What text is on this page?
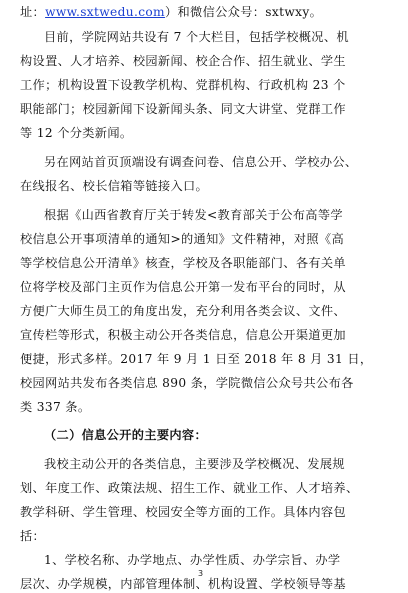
址：www.sxtwedu.com）和微信公众号：sxtwxy。
目前，学院网站共设有 7 个大栏目，包括学校概况、机
构设置、人才培养、校园新闻、校企合作、招生就业、学生
工作；机构设置下设教学机构、党群机构、行政机构 23 个
职能部门；校园新闻下设新闻头条、同文大讲堂、党群工作
等 12 个分类新闻。
另在网站首页顶端设有调查问卷、信息公开、学校办公、
在线报名、校长信箱等链接入口。
根据《山西省教育厅关于转发<教育部关于公布高等学
校信息公开事项清单的通知>的通知》文件精神，对照《高
等学校信息公开清单》核查，学校及各职能部门、各有关单
位将学校及部门主页作为信息公开第一发布平台的同时，从
方便广大师生员工的角度出发，充分利用各类会议、文件、
宣传栏等形式，积极主动公开各类信息，信息公开渠道更加
便捷，形式多样。2017 年 9 月 1 日至 2018 年 8 月 31 日，
校园网站共发布各类信息 890 条，学院微信公众号共公布各
类 337 条。
（二）信息公开的主要内容：
我校主动公开的各类信息，主要涉及学校概况、发展规
划、年度工作、政策法规、招生工作、就业工作、人才培养、
教学科研、学生管理、校园安全等方面的工作。具体内容包
括：
1、学校名称、办学地点、办学性质、办学宗旨、办学
层次、办学规模，内部管理体制、机构设置、学校领导等基
3
